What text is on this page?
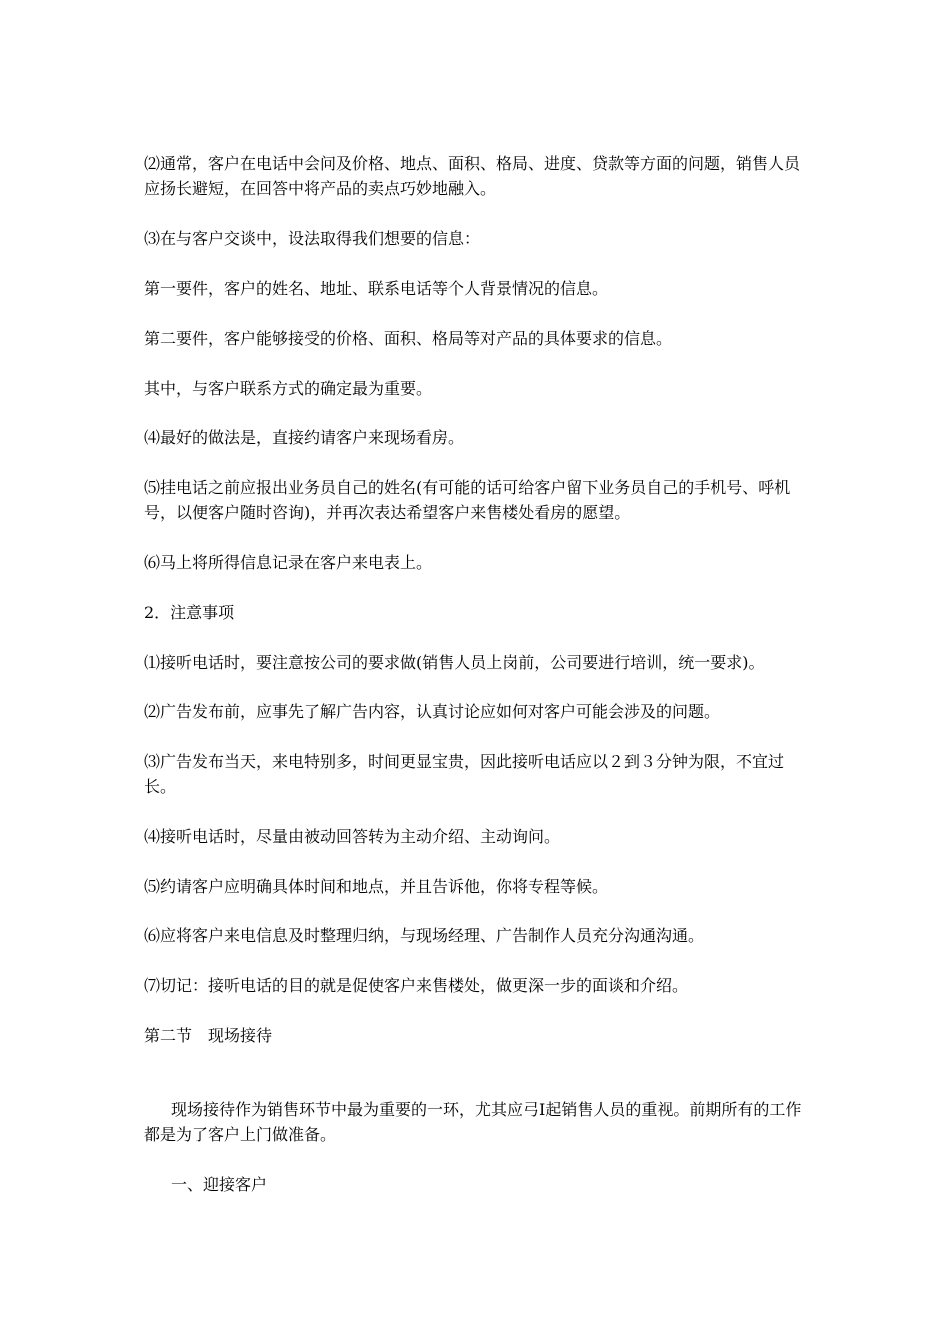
⑵通常，客户在电话中会问及价格、地点、面积、格局、进度、贷款等方面的问题，销售人员应扬长避短，在回答中将产品的卖点巧妙地融入。

⑶在与客户交谈中，设法取得我们想要的信息：

第一要件，客户的姓名、地址、联系电话等个人背景情况的信息。

第二要件，客户能够接受的价格、面积、格局等对产品的具体要求的信息。

其中，与客户联系方式的确定最为重要。

⑷最好的做法是，直接约请客户来现场看房。

⑸挂电话之前应报出业务员自己的姓名(有可能的话可给客户留下业务员自己的手机号、呼机号，以便客户随时咨询)，并再次表达希望客户来售楼处看房的愿望。

⑹马上将所得信息记录在客户来电表上。

2．注意事项

⑴接听电话时，要注意按公司的要求做(销售人员上岗前，公司要进行培训，统一要求)。

⑵广告发布前，应事先了解广告内容，认真讨论应如何对客户可能会涉及的问题。

⑶广告发布当天，来电特别多，时间更显宝贵，因此接听电话应以２到３分钟为限，不宜过长。

⑷接听电话时，尽量由被动回答转为主动介绍、主动询问。

⑸约请客户应明确具体时间和地点，并且告诉他，你将专程等候。

⑹应将客户来电信息及时整理归纳，与现场经理、广告制作人员充分沟通沟通。

⑺切记：接听电话的目的就是促使客户来售楼处，做更深一步的面谈和介绍。

第二节　现场接待

现场接待作为销售环节中最为重要的一环，尤其应弓I起销售人员的重视。前期所有的工作都是为了客户上门做准备。

一、迎接客户
